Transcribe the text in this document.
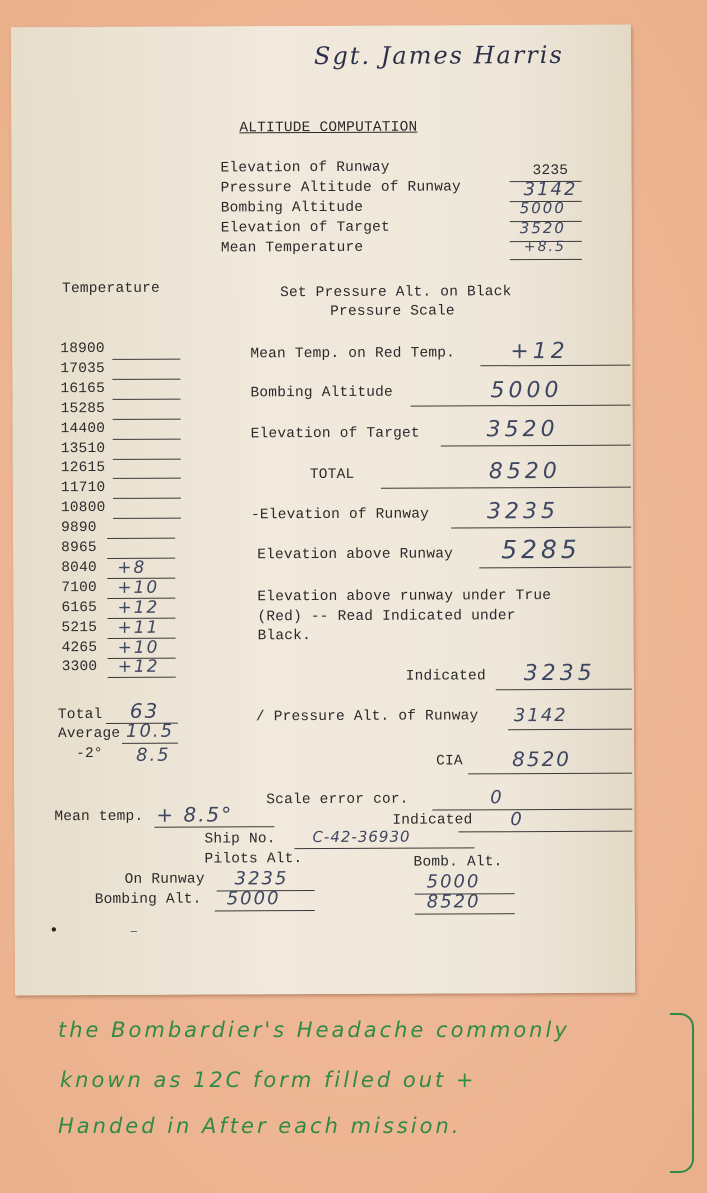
Sgt. James Harris
ALTITUDE COMPUTATION
Elevation of Runway	3235
Pressure Altitude of Runway	3142
Bombing Altitude	5000
Elevation of Target	3520
Mean Temperature	+8.5
Temperature	Set Pressure Alt. on Black
Pressure Scale
18900
17035
16165
15285
14400
13510
12615
11710
10800
9890
8965
8040 +8
7100 +10
6165 +12
5215 +11
4265 +10
3300 +12
Mean Temp. on Red Temp.	+12
Bombing Altitude	5000
Elevation of Target	3520
TOTAL	8520
-Elevation of Runway	3235
Elevation above Runway 5285
Elevation above runway under True
(Red) -- Read Indicated under
Black.
Indicated 3235
/ Pressure Alt. of Runway 3142
CIA 8520
Total 63
Average 10.5
-2° 8.5
Scale error cor.	0
Mean temp. + 8.5°	Indicated 0
Ship No. C-42-36930
Pilots Alt.	Bomb. Alt.
On Runway 3235	5000
Bombing Alt. 5000	8520
●	—
the Bombardier's Headache commonly
known as 12C form filled out +
Handed in After each mission.
